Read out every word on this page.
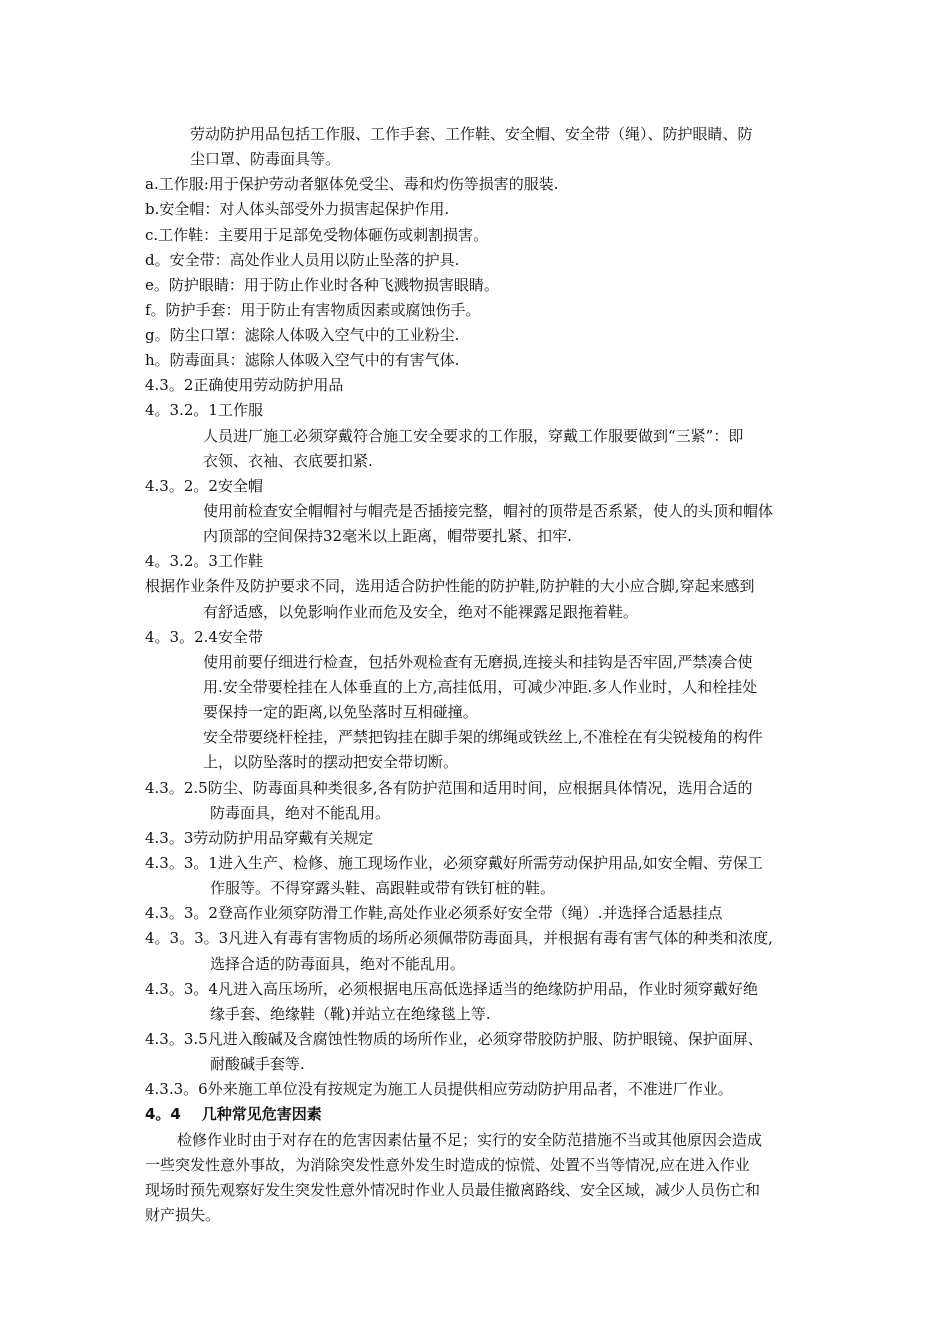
劳动防护用品包括工作服、工作手套、工作鞋、安全帽、安全带（绳）、防护眼睛、防
尘口罩、防毒面具等。
a.工作服:用于保护劳动者躯体免受尘、毒和灼伤等损害的服装.
b.安全帽：对人体头部受外力损害起保护作用.
c.工作鞋：主要用于足部免受物体砸伤或刺割损害。
d。安全带：高处作业人员用以防止坠落的护具.
e。防护眼睛：用于防止作业时各种飞溅物损害眼睛。
f。防护手套：用于防止有害物质因素或腐蚀伤手。
g。防尘口罩：滤除人体吸入空气中的工业粉尘.
h。防毒面具：滤除人体吸入空气中的有害气体.
4.3。2正确使用劳动防护用品
4。3.2。1工作服
人员进厂施工必须穿戴符合施工安全要求的工作服，穿戴工作服要做到“三紧”：即
衣领、衣袖、衣底要扣紧.
4.3。2。2安全帽
使用前检查安全帽帽衬与帽壳是否插接完整，帽衬的顶带是否系紧，使人的头顶和帽体
内顶部的空间保持32毫米以上距离，帽带要扎紧、扣牢.
4。3.2。3工作鞋
根据作业条件及防护要求不同，选用适合防护性能的防护鞋,防护鞋的大小应合脚,穿起来感到
有舒适感，以免影响作业而危及安全，绝对不能裸露足跟拖着鞋。
4。3。2.4安全带
使用前要仔细进行检查，包括外观检查有无磨损,连接头和挂钩是否牢固,严禁凑合使
用.安全带要栓挂在人体垂直的上方,高挂低用，可减少冲距.多人作业时，人和栓挂处
要保持一定的距离,以免坠落时互相碰撞。
安全带要绕杆栓挂，严禁把钩挂在脚手架的绑绳或铁丝上,不准栓在有尖锐棱角的构件
上，以防坠落时的摆动把安全带切断。
4.3。2.5防尘、防毒面具种类很多,各有防护范围和适用时间，应根据具体情况，选用合适的
防毒面具，绝对不能乱用。
4.3。3劳动防护用品穿戴有关规定
4.3。3。1进入生产、检修、施工现场作业，必须穿戴好所需劳动保护用品,如安全帽、劳保工
作服等。不得穿露头鞋、高跟鞋或带有铁钉桩的鞋。
4.3。3。2登高作业须穿防滑工作鞋,高处作业必须系好安全带（绳）.并选择合适悬挂点
4。3。3。3凡进入有毒有害物质的场所必须佩带防毒面具，并根据有毒有害气体的种类和浓度,
选择合适的防毒面具，绝对不能乱用。
4.3。3。4凡进入高压场所，必须根据电压高低选择适当的绝缘防护用品，作业时须穿戴好绝
缘手套、绝缘鞋（靴)并站立在绝缘毯上等.
4.3。3.5凡进入酸碱及含腐蚀性物质的场所作业，必须穿带胶防护服、防护眼镜、保护面屏、
耐酸碱手套等.
4.3.3。6外来施工单位没有按规定为施工人员提供相应劳动防护用品者，不准进厂作业。
4。4    几种常见危害因素
检修作业时由于对存在的危害因素估量不足；实行的安全防范措施不当或其他原因会造成
一些突发性意外事故，为消除突发性意外发生时造成的惊慌、处置不当等情况,应在进入作业
现场时预先观察好发生突发性意外情况时作业人员最佳撤离路线、安全区域，减少人员伤亡和
财产损失。
